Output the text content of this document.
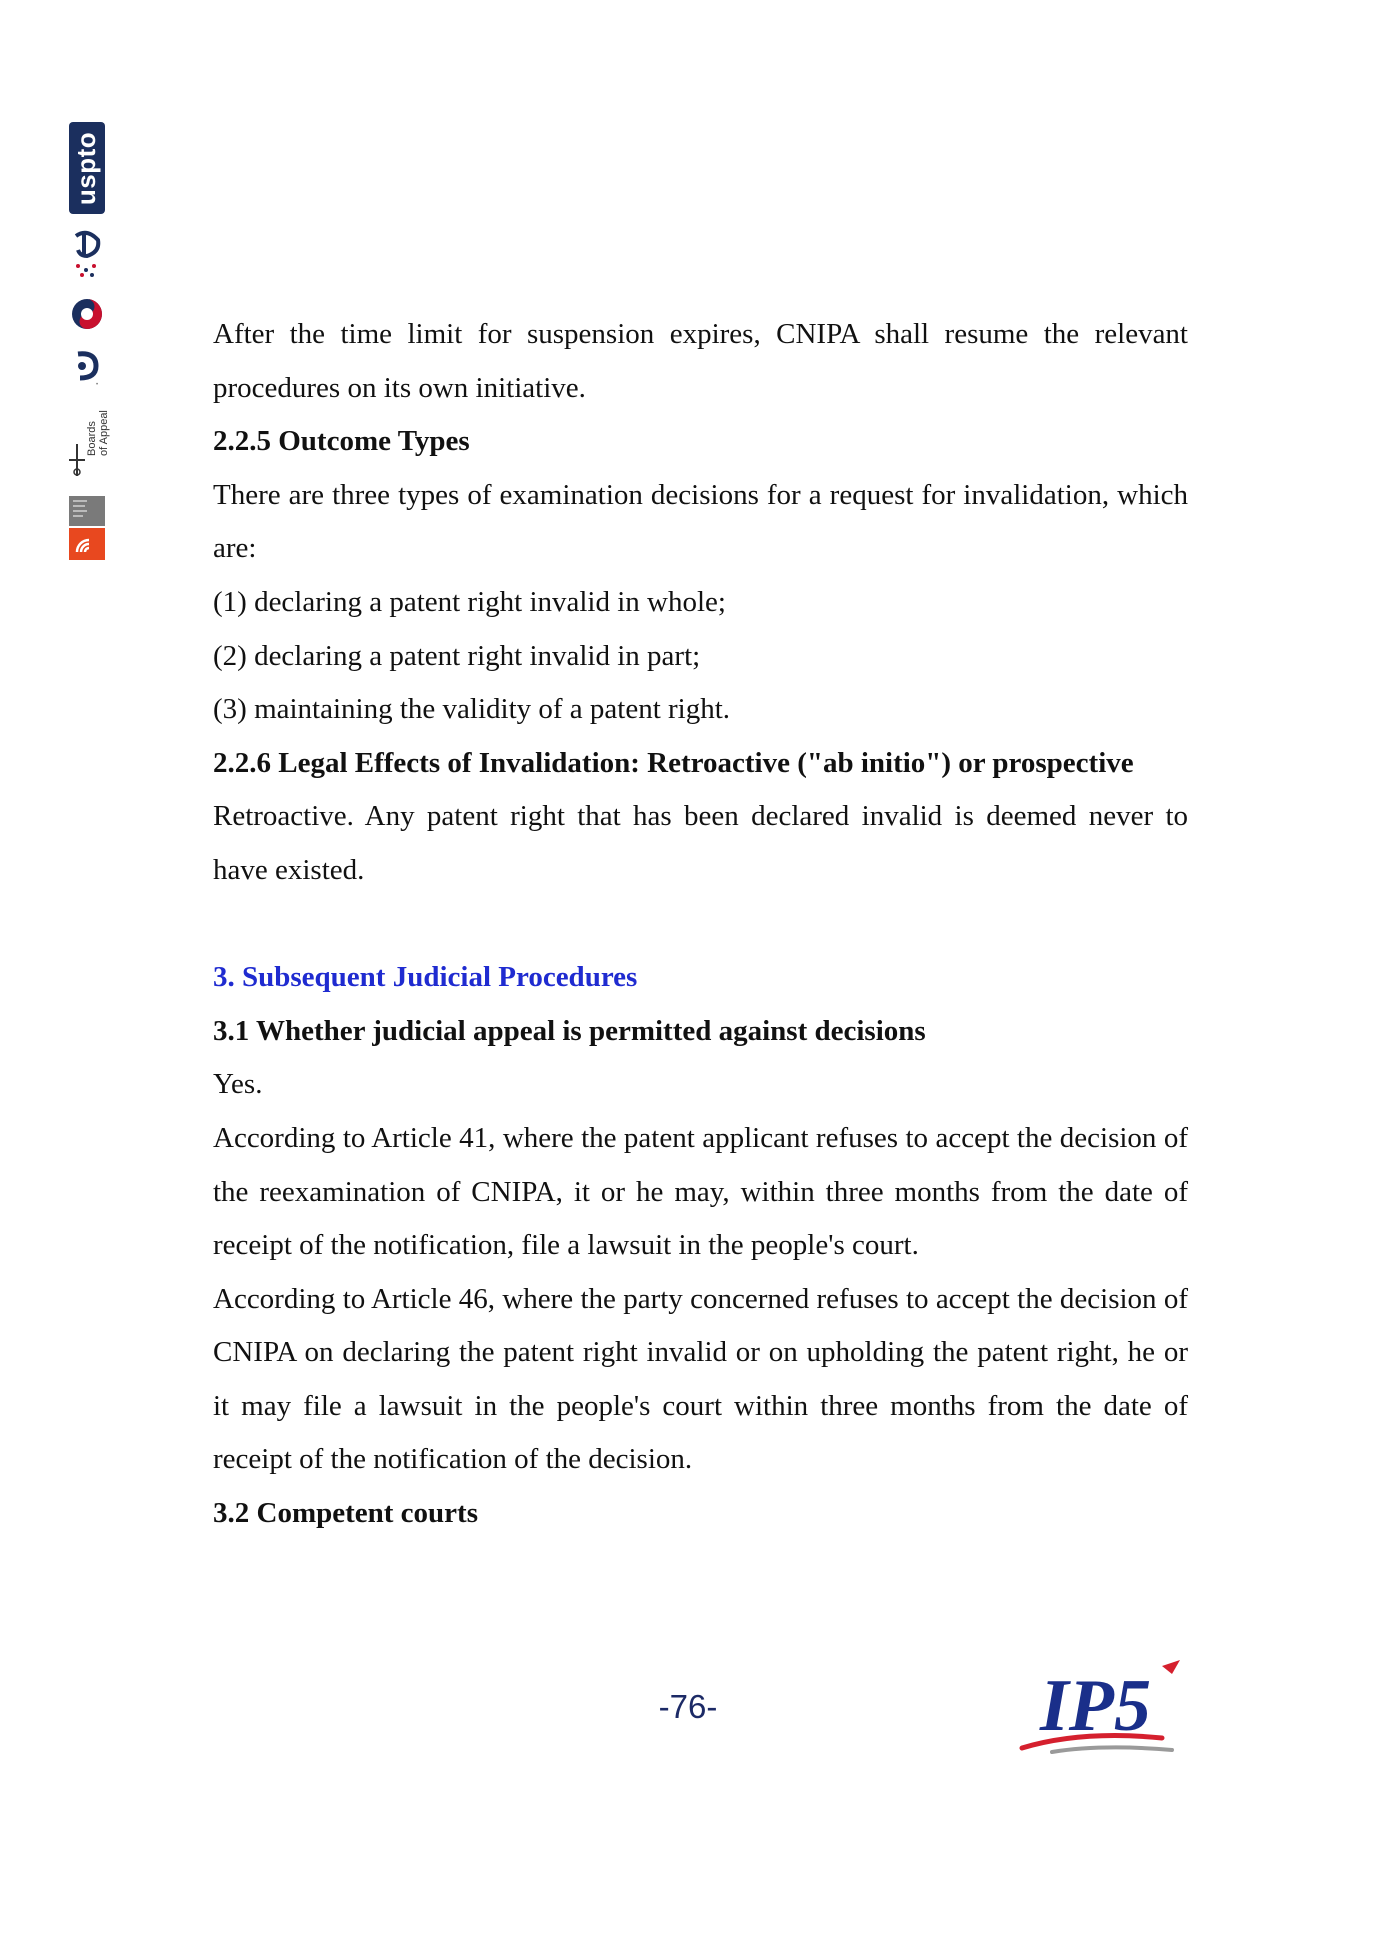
uspto
•
Boards of Appeal

After the time limit for suspension expires, CNIPA shall resume the relevant procedures on its own initiative.

2.2.5 Outcome Types

There are three types of examination decisions for a request for invalidation, which are:

(1) declaring a patent right invalid in whole;

(2) declaring a patent right invalid in part;

(3) maintaining the validity of a patent right.

2.2.6 Legal Effects of Invalidation: Retroactive ("ab initio") or prospective

Retroactive. Any patent right that has been declared invalid is deemed never to have existed.

3. Subsequent Judicial Procedures

3.1 Whether judicial appeal is permitted against decisions

Yes.

According to Article 41, where the patent applicant refuses to accept the decision of the reexamination of CNIPA, it or he may, within three months from the date of receipt of the notification, file a lawsuit in the people's court.

According to Article 46, where the party concerned refuses to accept the decision of CNIPA on declaring the patent right invalid or on upholding the patent right, he or it may file a lawsuit in the people's court within three months from the date of receipt of the notification of the decision.

3.2 Competent courts

-76-	IP5
